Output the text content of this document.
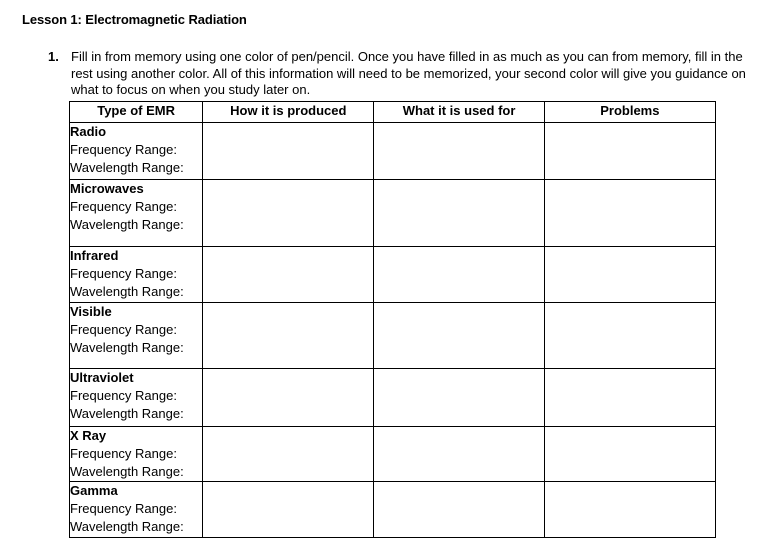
Lesson 1: Electromagnetic Radiation
1. Fill in from memory using one color of pen/pencil. Once you have filled in as much as you can from memory, fill in the rest using another color. All of this information will need to be memorized, your second color will give you guidance on what to focus on when you study later on.
Type of EMR	How it is produced	What it is used for	Problems

Radio
Frequency Range:
Wavelength Range:			

Microwaves
Frequency Range:
Wavelength Range:			

Infrared
Frequency Range:
Wavelength Range:			

Visible
Frequency Range:
Wavelength Range:			

Ultraviolet
Frequency Range:
Wavelength Range:			

X Ray
Frequency Range:
Wavelength Range:			

Gamma
Frequency Range:
Wavelength Range:			
